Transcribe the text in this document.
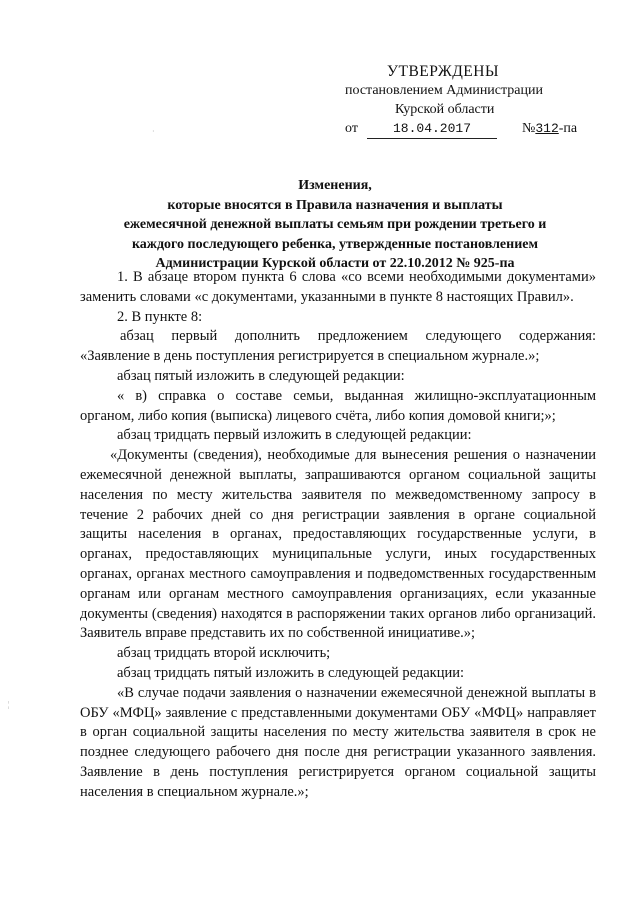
УТВЕРЖДЕНЫ
постановлением Администрации
Курской области
от	18.04.2017	№312-па
Изменения,
которые вносятся в Правила назначения и выплаты
ежемесячной денежной выплаты семьям при рождении третьего и
каждого последующего ребенка, утвержденные постановлением
Администрации Курской области от 22.10.2012 № 925-па

1. В абзаце втором пункта 6 слова «со всеми необходимыми документами» заменить словами «с документами, указанными в пункте 8 настоящих Правил».

2. В пункте 8:

абзац первый дополнить предложением следующего содержания: «Заявление в день поступления регистрируется в специальном журнале.»;

абзац пятый изложить в следующей редакции:

« в) справка о составе семьи, выданная жилищно-эксплуатационным органом, либо копия (выписка) лицевого счёта, либо копия домовой книги;»;

абзац тридцать первый изложить в следующей редакции:

«Документы (сведения), необходимые для вынесения решения о назначении ежемесячной денежной выплаты, запрашиваются органом социальной защиты населения по месту жительства заявителя по межведомственному запросу в течение 2 рабочих дней со дня регистрации заявления в органе социальной защиты населения в органах, предоставляющих государственные услуги, в органах, предоставляющих муниципальные услуги, иных государственных органах, органах местного самоуправления и подведомственных государственным органам или органам местного самоуправления организациях, если указанные документы (сведения) находятся в распоряжении таких органов либо организаций. Заявитель вправе представить их по собственной инициативе.»;

абзац тридцать второй исключить;

абзац тридцать пятый изложить в следующей редакции:

«В случае подачи заявления о назначении ежемесячной денежной выплаты в ОБУ «МФЦ» заявление с представленными документами ОБУ «МФЦ» направляет в орган социальной защиты населения по месту жительства заявителя в срок не позднее следующего рабочего дня после дня регистрации указанного заявления. Заявление в день поступления регистрируется органом социальной защиты населения в специальном журнале.»;

·
¦
